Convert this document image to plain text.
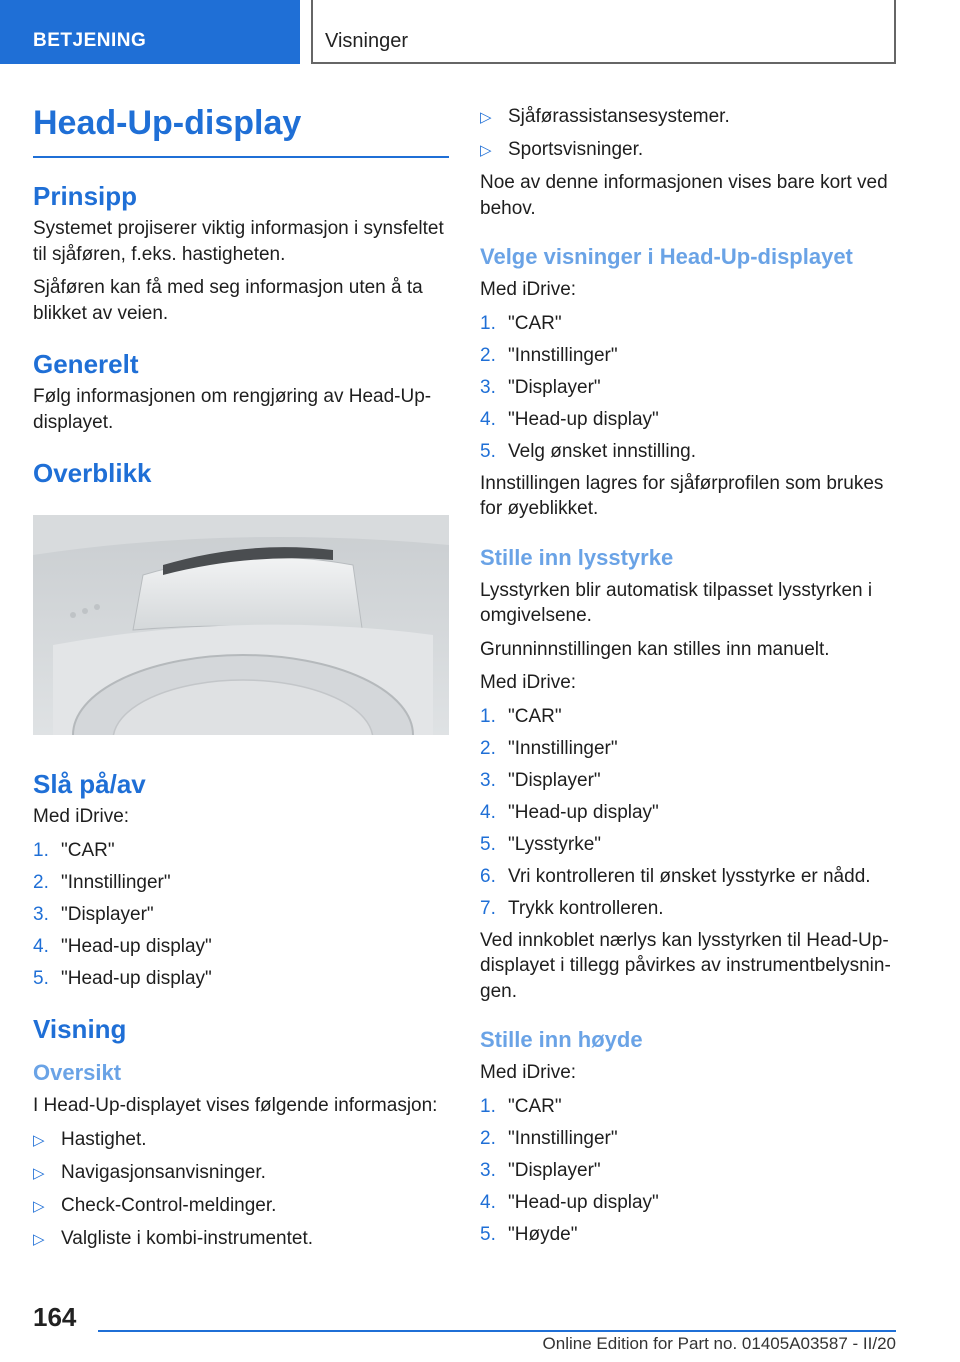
BETJENING	Visninger
Head-Up-display
Prinsipp

Systemet projiserer viktig informasjon i synsfeltet til sjåføren, f.eks. hastigheten.

Sjåføren kan få med seg informasjon uten å ta blikket av veien.

Generelt

Følg informasjonen om rengjøring av Head-Up-displayet.

Overblikk
Slå på/av

Med iDrive:

1. "CAR"
2. "Innstillinger"
3. "Displayer"
4. "Head-up display"
5. "Head-up display"
Visning
Oversikt

I Head-Up-displayet vises følgende informasjon:

▷ Hastighet.
▷ Navigasjonsanvisninger.
▷ Check-Control-meldinger.
▷ Valgliste i kombi-instrumentet.
▷ Sjåførassistansesystemer.
▷ Sportsvisninger.

Noe av denne informasjonen vises bare kort ved behov.

Velge visninger i Head-Up-displayet

Med iDrive:

1. "CAR"
2. "Innstillinger"
3. "Displayer"
4. "Head-up display"
5. Velg ønsket innstilling.

Innstillingen lagres for sjåførprofilen som brukes for øyeblikket.

Stille inn lysstyrke

Lysstyrken blir automatisk tilpasset lysstyrken i omgivelsene.

Grunninnstillingen kan stilles inn manuelt.

Med iDrive:

1. "CAR"
2. "Innstillinger"
3. "Displayer"
4. "Head-up display"
5. "Lysstyrke"
6. Vri kontrolleren til ønsket lysstyrke er nådd.
7. Trykk kontrolleren.

Ved innkoblet nærlys kan lysstyrken til Head-Up-displayet i tillegg påvirkes av instrumentbelysnin-gen.

Stille inn høyde

Med iDrive:

1. "CAR"
2. "Innstillinger"
3. "Displayer"
4. "Head-up display"
5. "Høyde"
164
Online Edition for Part no. 01405A03587 - II/20
